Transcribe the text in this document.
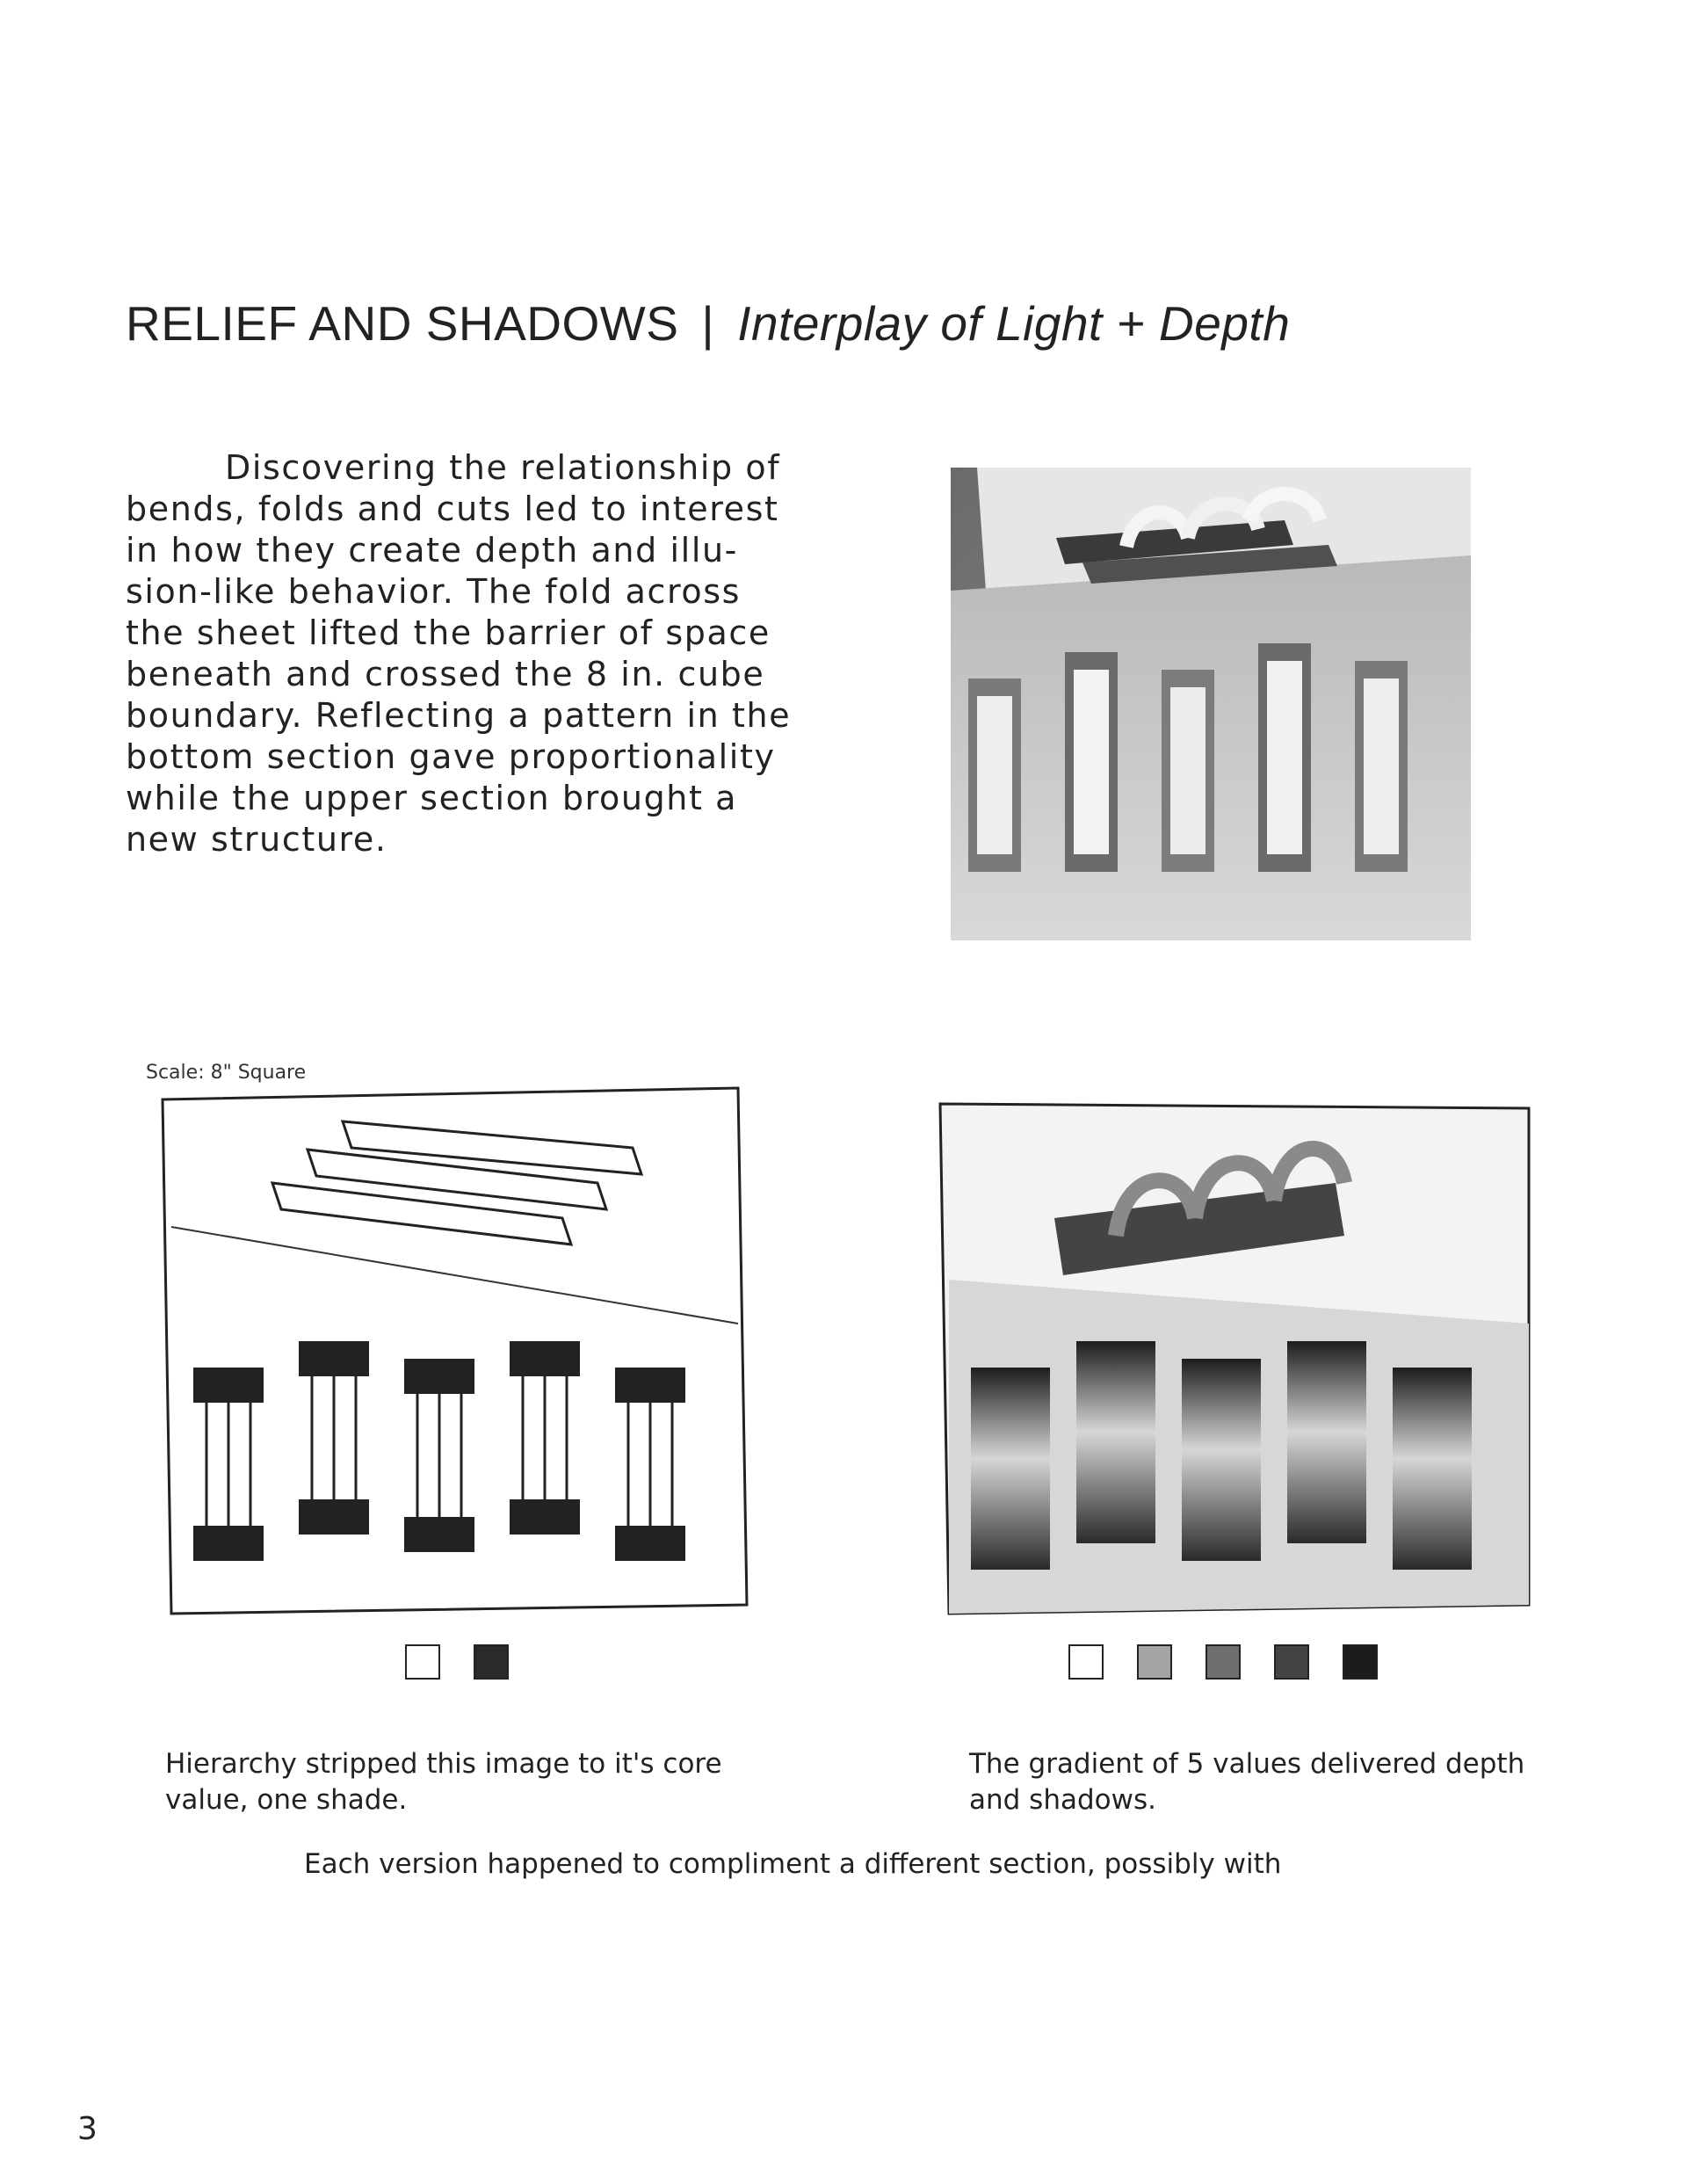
RELIEF AND SHADOWS | Interplay of Light + Depth

Discovering the relationship of

bends, folds and cuts led to interest

in how they create depth and illu-

sion-like behavior. The fold across

the sheet lifted the barrier of space

beneath and crossed the 8 in. cube

boundary. Reflecting a pattern in the

bottom section gave proportionality

while the upper section brought a

new structure.

Scale: 8" Square

Hierarchy stripped this image to it's core

value, one shade.

The gradient of 5 values delivered depth

and shadows.

Each version happened to compliment a different section, possibly with
3
